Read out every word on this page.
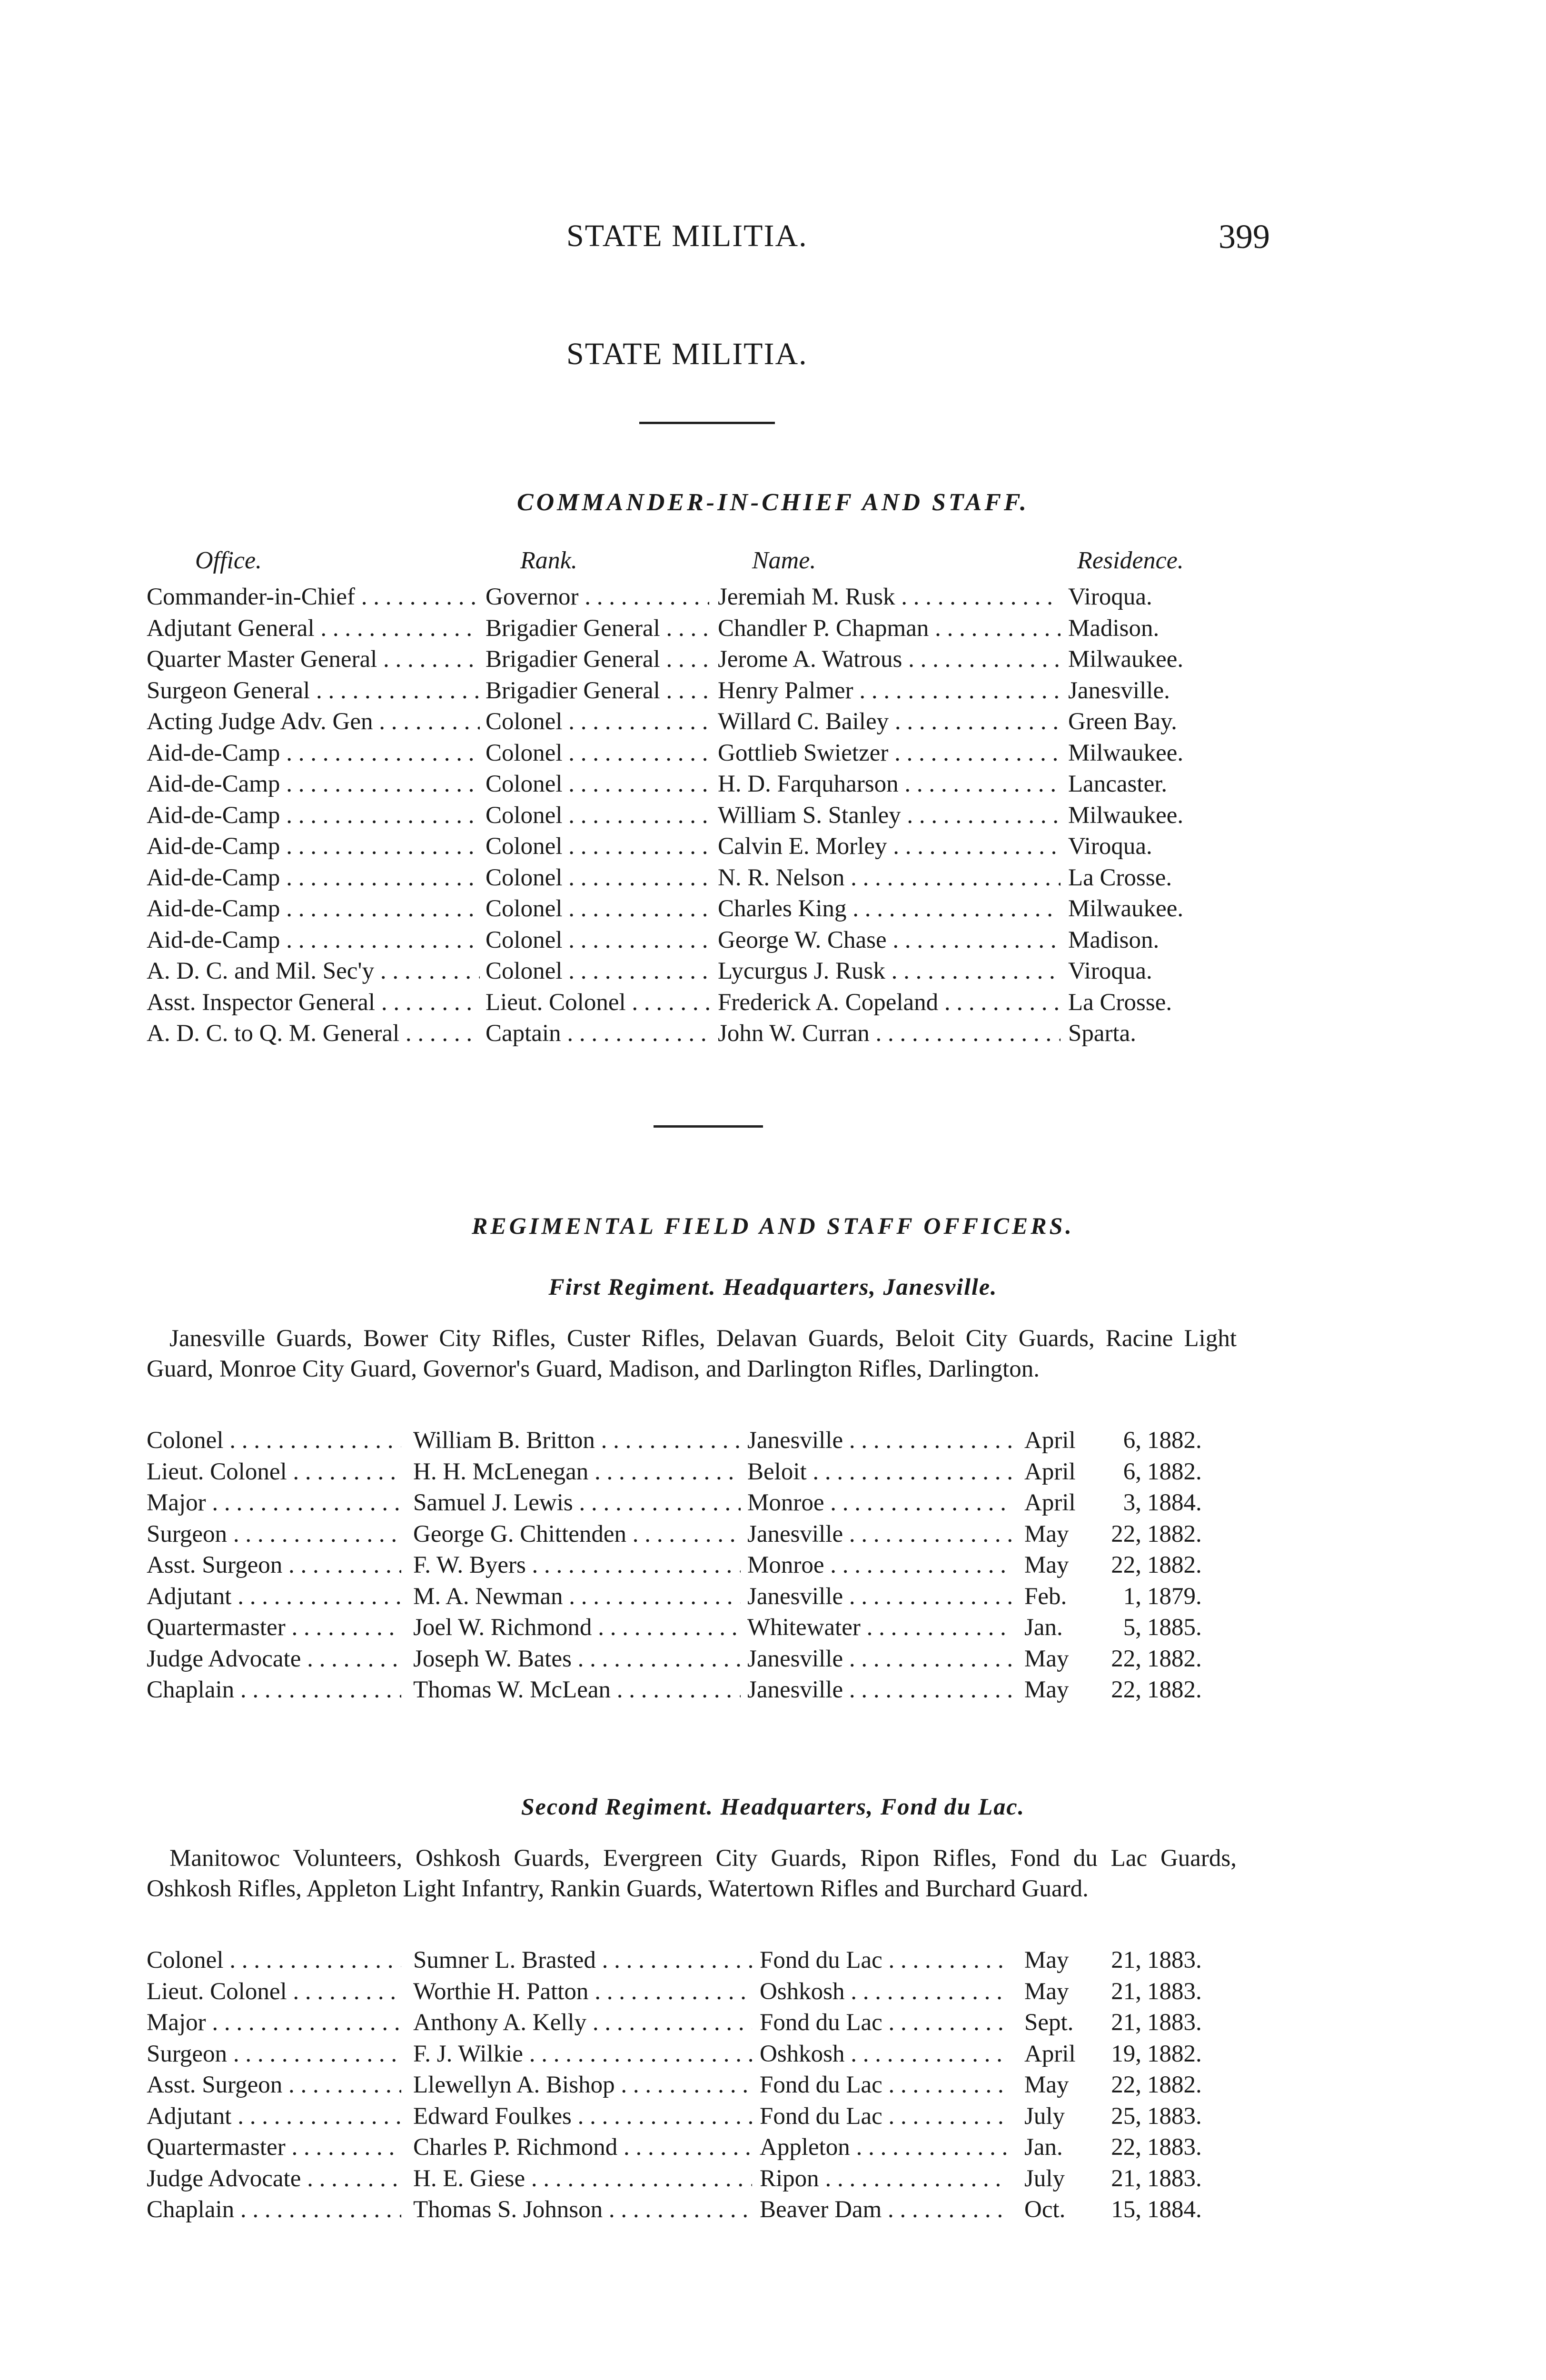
STATE MILITIA.	399
STATE MILITIA.
COMMANDER-IN-CHIEF AND STAFF.
Office.	Rank.	Name.	Residence.
Commander-in-Chief . . .	Governor . . .	Jeremiah M. Rusk . . .	Viroqua.
Adjutant General . . .	Brigadier General . . .	Chandler P. Chapman . . .	Madison.
Quarter Master General . . .	Brigadier General . . .	Jerome A. Watrous . . .	Milwaukee.
Surgeon General . . .	Brigadier General . . .	Henry Palmer . . .	Janesville.
Acting Judge Adv. Gen . . .	Colonel . . .	Willard C. Bailey . . .	Green Bay.
Aid-de-Camp . . .	Colonel . . .	Gottlieb Swietzer . . .	Milwaukee.
Aid-de-Camp . . .	Colonel . . .	H. D. Farquharson . . .	Lancaster.
Aid-de-Camp . . .	Colonel . . .	William S. Stanley . . .	Milwaukee.
Aid-de-Camp . . .	Colonel . . .	Calvin E. Morley . . .	Viroqua.
Aid-de-Camp . . .	Colonel . . .	N. R. Nelson . . .	La Crosse.
Aid-de-Camp . . .	Colonel . . .	Charles King . . .	Milwaukee.
Aid-de-Camp . . .	Colonel . . .	George W. Chase . . .	Madison.
A. D. C. and Mil. Sec'y . . .	Colonel . . .	Lycurgus J. Rusk . . .	Viroqua.
Asst. Inspector General . . .	Lieut. Colonel . . .	Frederick A. Copeland . . .	La Crosse.
A. D. C. to Q. M. General . . .	Captain . . .	John W. Curran . . .	Sparta.
REGIMENTAL FIELD AND STAFF OFFICERS.
First Regiment. Headquarters, Janesville.
Janesville Guards, Bower City Rifles, Custer Rifles, Delavan Guards, Beloit City Guards, Racine Light Guard, Monroe City Guard, Governor's Guard, Madison, and Darlington Rifles, Darlington.
Colonel . . .	William B. Britton . . .	Janesville . . .	April	6, 1882.
Lieut. Colonel . . .	H. H. McLenegan . . .	Beloit . . .	April	6, 1882.
Major . . .	Samuel J. Lewis . . .	Monroe . . .	April	3, 1884.
Surgeon . . .	George G. Chittenden . . .	Janesville . . .	May	22, 1882.
Asst. Surgeon . . .	F. W. Byers . . .	Monroe . . .	May	22, 1882.
Adjutant . . .	M. A. Newman . . .	Janesville . . .	Feb.	1, 1879.
Quartermaster . . .	Joel W. Richmond . . .	Whitewater . . .	Jan.	5, 1885.
Judge Advocate . . .	Joseph W. Bates . . .	Janesville . . .	May	22, 1882.
Chaplain . . .	Thomas W. McLean . . .	Janesville . . .	May	22, 1882.
Second Regiment. Headquarters, Fond du Lac.
Manitowoc Volunteers, Oshkosh Guards, Evergreen City Guards, Ripon Rifles, Fond du Lac Guards, Oshkosh Rifles, Appleton Light Infantry, Rankin Guards, Watertown Rifles and Burchard Guard.
Colonel . . .	Sumner L. Brasted . . .	Fond du Lac . . .	May	21, 1883.
Lieut. Colonel . . .	Worthie H. Patton . . .	Oshkosh . . .	May	21, 1883.
Major . . .	Anthony A. Kelly . . .	Fond du Lac . . .	Sept.	21, 1883.
Surgeon . . .	F. J. Wilkie . . .	Oshkosh . . .	April	19, 1882.
Asst. Surgeon . . .	Llewellyn A. Bishop . . .	Fond du Lac . . .	May	22, 1882.
Adjutant . . .	Edward Foulkes . . .	Fond du Lac . . .	July	25, 1883.
Quartermaster . . .	Charles P. Richmond . . .	Appleton . . .	Jan.	22, 1883.
Judge Advocate . . .	H. E. Giese . . .	Ripon . . .	July	21, 1883.
Chaplain . . .	Thomas S. Johnson . . .	Beaver Dam . . .	Oct.	15, 1884.
